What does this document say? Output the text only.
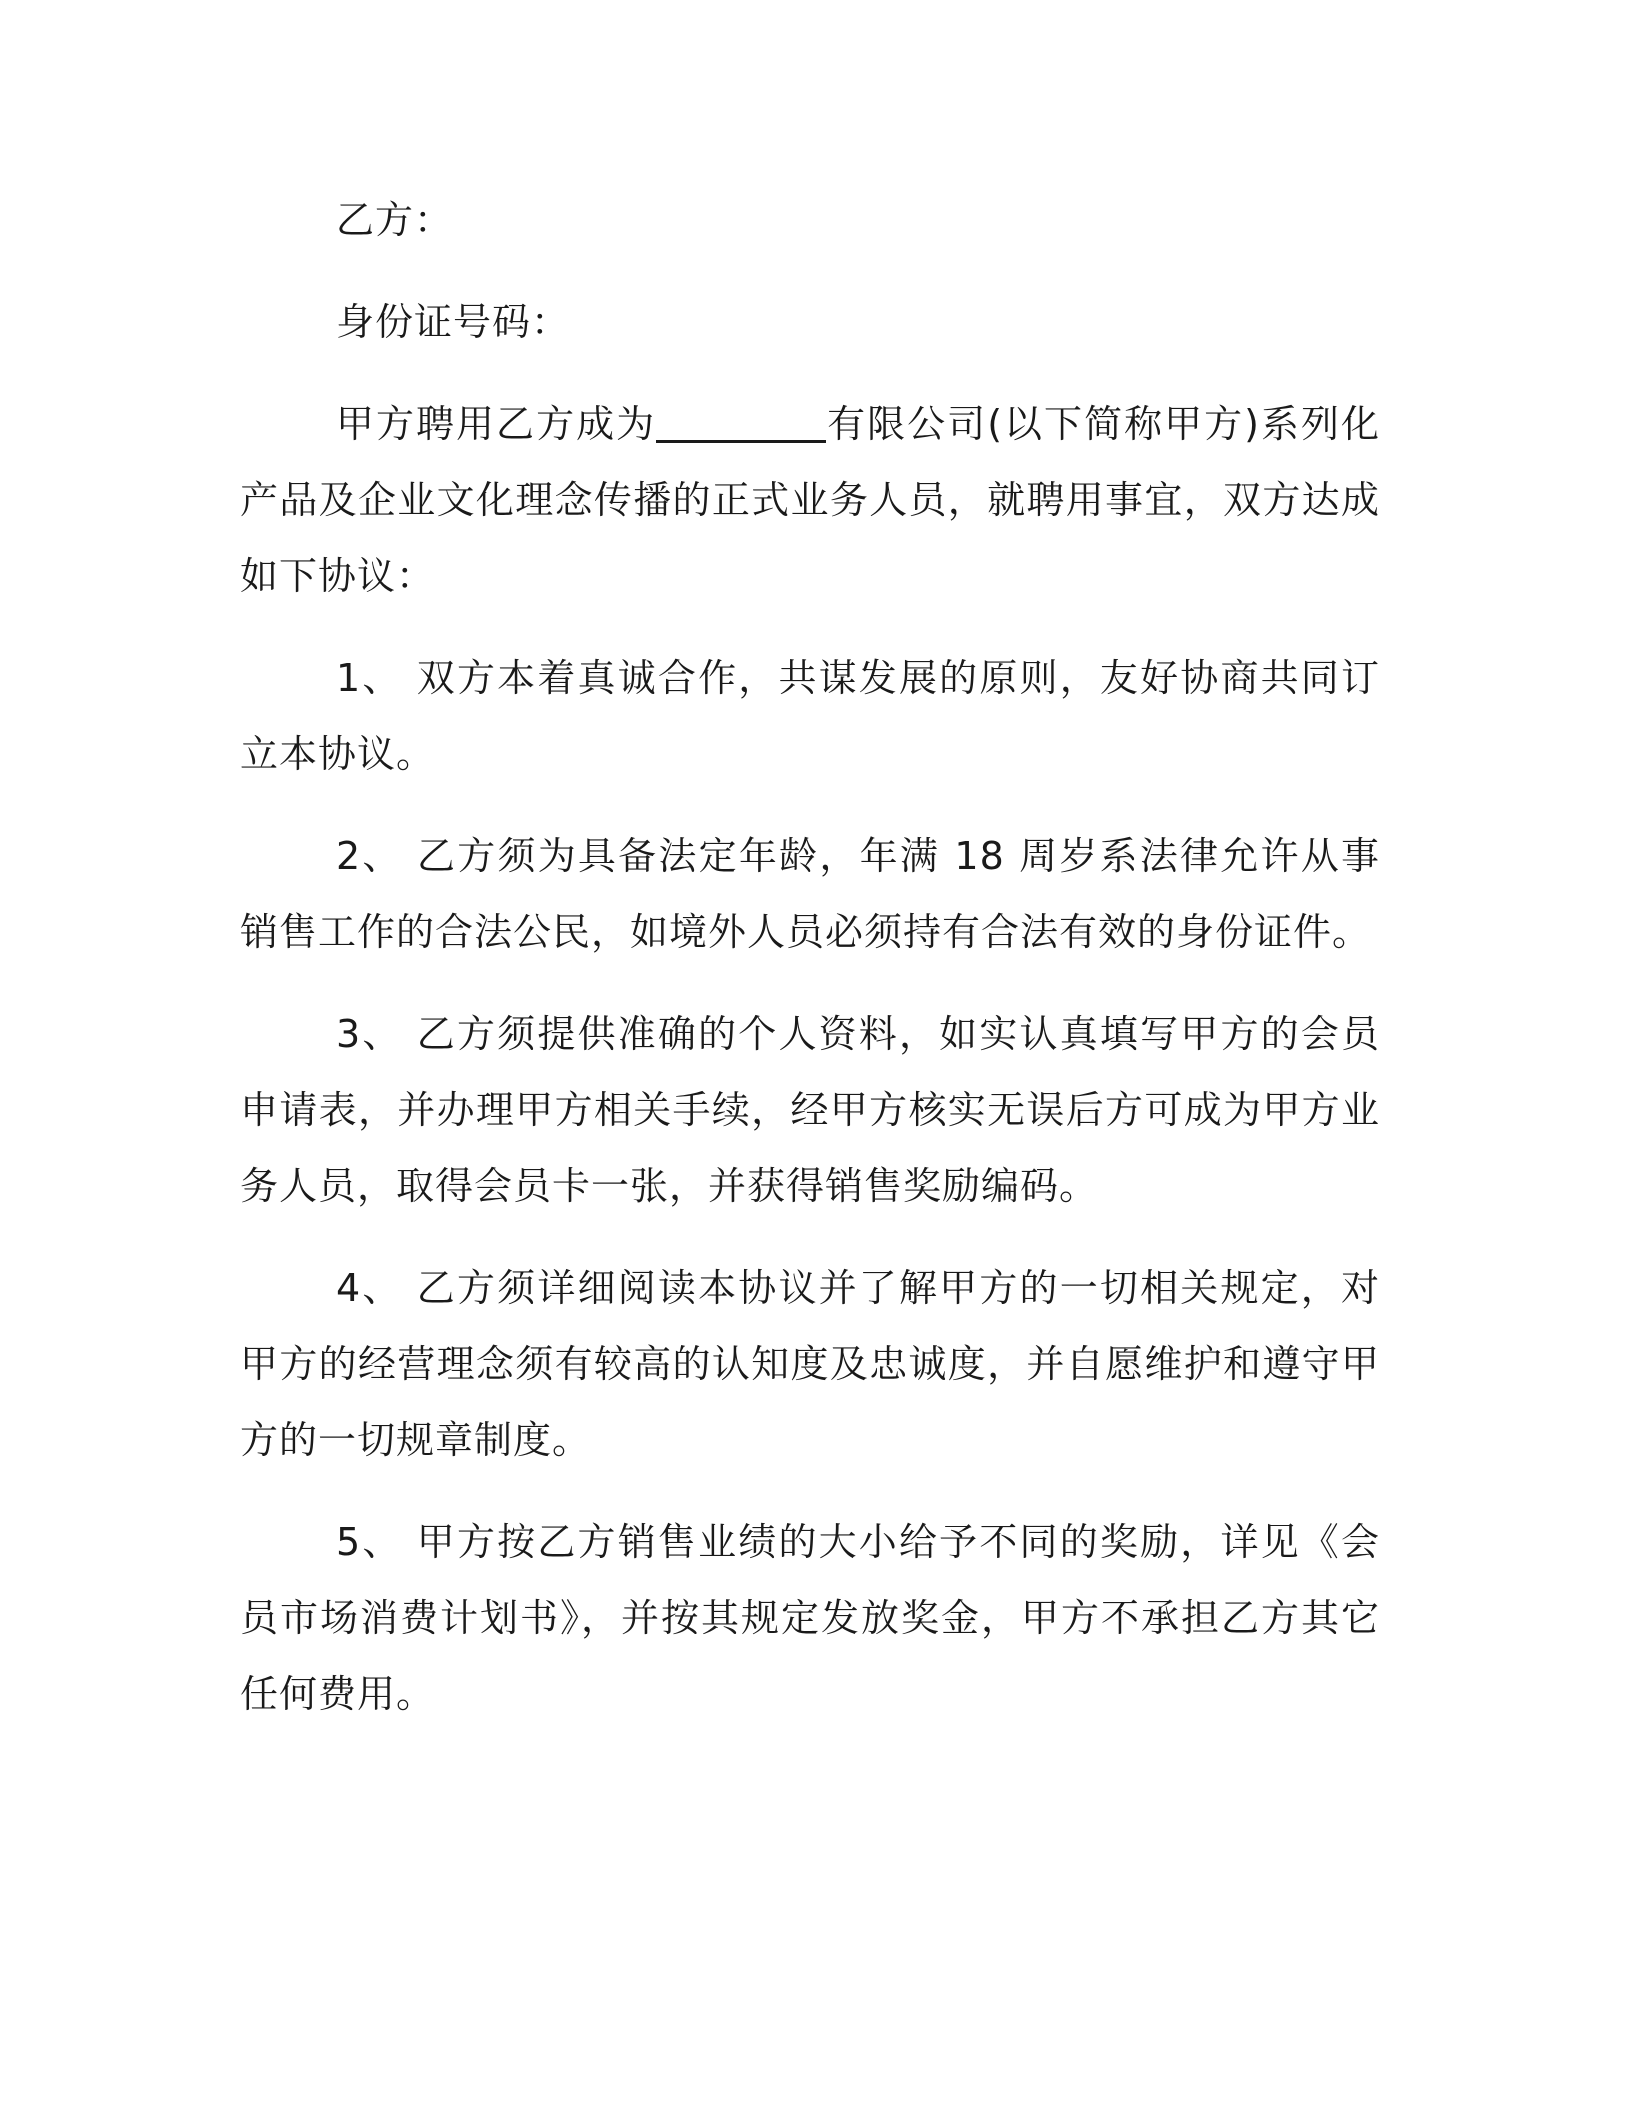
乙方：

身份证号码：

甲方聘用乙方成为	有限公司(以下简称甲方)系列化产品及企业文化理念传播的正式业务人员，就聘用事宜，双方达成如下协议：

1、 双方本着真诚合作，共谋发展的原则，友好协商共同订立本协议。

2、 乙方须为具备法定年龄，年满 18 周岁系法律允许从事销售工作的合法公民，如境外人员必须持有合法有效的身份证件。

3、 乙方须提供准确的个人资料，如实认真填写甲方的会员申请表，并办理甲方相关手续，经甲方核实无误后方可成为甲方业务人员，取得会员卡一张，并获得销售奖励编码。

4、 乙方须详细阅读本协议并了解甲方的一切相关规定，对甲方的经营理念须有较高的认知度及忠诚度，并自愿维护和遵守甲方的一切规章制度。

5、 甲方按乙方销售业绩的大小给予不同的奖励，详见《会员市场消费计划书》，并按其规定发放奖金，甲方不承担乙方其它任何费用。
